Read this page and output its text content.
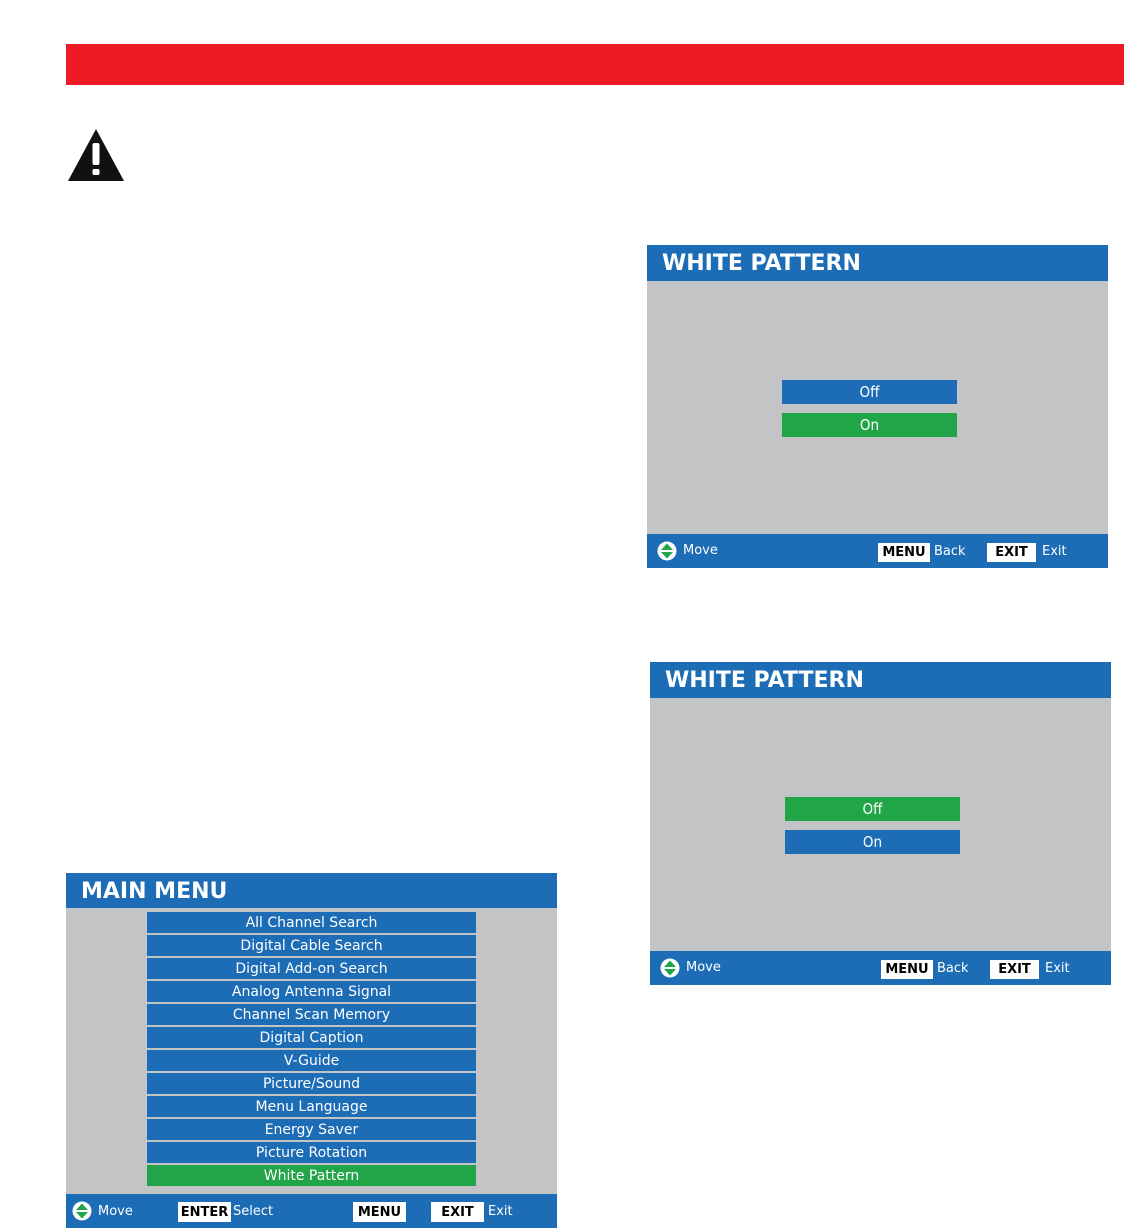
WHITE PATTERN
Off
On
Move	MENU Back	EXIT	Exit
WHITE PATTERN
Off
On
Move	MENU Back	EXIT	Exit
MAIN MENU
All Channel Search
Digital Cable Search
Digital Add-on Search
Analog Antenna Signal
Channel Scan Memory
Digital Caption
V-Guide
Picture/Sound
Menu Language
Energy Saver
Picture Rotation
White Pattern
Move	ENTER Select	MENU	EXIT	Exit
